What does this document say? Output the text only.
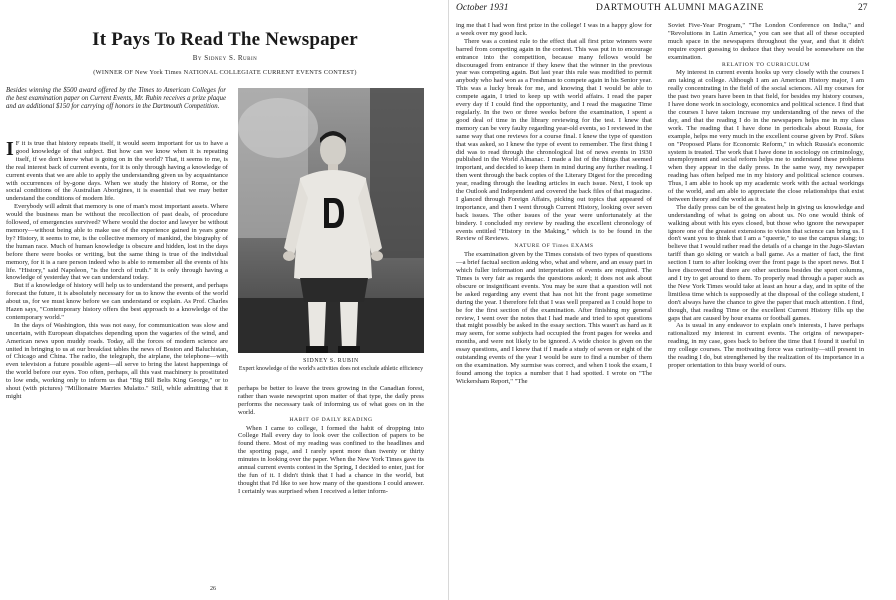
It Pays To Read The Newspaper
By Sidney S. Rubin
(WINNER OF New York Times NATIONAL COLLEGIATE CURRENT EVENTS CONTEST)
Besides winning the $500 award offered by the Times to American Colleges for the best examination paper on Current Events, Mr. Rubin receives a prize plaque and an additional $150 for carrying off honors in the Dartmouth Competition.
SIDNEY S. RUBIN
Expert knowledge of the world's activities does not exclude athletic efficiency

I F it is true that history repeats itself, it would seem important for us to have a good knowledge of that subject. But how can we know when it is repeating itself, if we don't know what is going on in the world? That, it seems to me, is the real interest back of current events, for it is only through having a knowledge of current events that we are able to apply the understanding given us by acquaintance with occurrences of by-gone days. When we study the history of Rome, or the social conditions of the Australian Aborigines, it is essential that we may better understand the conditions of modern life.

Everybody will admit that memory is one of man's most important assets. Where would the business man be without the recollection of past deals, of procedure followed, of emergencies survived? Where would the doctor and lawyer be without memory—without being able to make use of the experience gained in years gone by? History, it seems to me, is the collective memory of mankind, the biography of the human race. Much of human knowledge is obscure and hidden, lost in the days before there were books or writing, but the same thing is true of the individual memory, for it is a rare person indeed who is able to remember all the events of his life. "History," said Napoleon, "is the torch of truth." It is only through having a knowledge of yesterday that we can understand today.

But if a knowledge of history will help us to understand the present, and perhaps forecast the future, it is absolutely necessary for us to know the events of the world about us, for we must know before we can understand or explain. As Prof. Charles Hazen says, "Contemporary history offers the best approach to a knowledge of the contemporary world."

In the days of Washington, this was not easy, for communication was slow and uncertain, with European dispatches depending upon the vagaries of the wind, and American news upon muddy roads. Today, all the forces of modern science are united in bringing to us at our breakfast tables the news of Boston and Baluchistan, of Chicago and China. The radio, the telegraph, the airplane, the telephone—with even television a future possible agent—all serve to bring the latest happenings of the world before our eyes. Too often, perhaps, all this vast machinery is prostituted to low ends, working only to inform us that "Big Bill Belts King George," or to shout (with pictures) "Millionaire Marries Mulatto." Still, while admitting that it might

perhaps be better to leave the trees growing in the Canadian forest, rather than waste newsprint upon matter of that type, the daily press performs the necessary task of informing us of what goes on in the world.

HABIT OF DAILY READING

When I came to college, I formed the habit of dropping into College Hall every day to look over the collection of papers to be found there. Most of my reading was confined to the headlines and the sporting page, and I rarely spent more than twenty or thirty minutes in looking over the paper. When the New York Times gave its annual current events contest in the Spring, I decided to enter, just for the fun of it. I didn't think that I had a chance in the world, but thought that I'd like to see how many of the questions I could answer. I certainly was surprised when I received a letter inform-

26
October 1931	DARTMOUTH ALUMNI MAGAZINE	27

ing me that I had won first prize in the college! I was in a happy glow for a week over my good luck.

There was a contest rule to the effect that all first prize winners were barred from competing again in the contest. This was put in to encourage entrance into the competition, because many fellows would be discouraged from entrance if they knew that the winner in the previous year was competing again. But last year this rule was modified to permit anybody who had won as a Freshman to compete again in his Senior year. This was a lucky break for me, and knowing that I would be able to compete again, I tried to keep up with world affairs. I read the paper every day if I could find the opportunity, and I read the magazine Time regularly. In the two or three weeks before the examination, I spent a good deal of time in the library reviewing for the test. I knew that memory can be very faulty regarding year-old events, so I reviewed in the same way that one reviews for a course final. I knew the type of question that was asked, so I knew the type of event to remember. The first thing I did was to read through the chronological list of news events in 1930 published in the World Almanac. I made a list of the things that seemed important, and decided to keep them in mind during any further reading. I then went through the back copies of the Literary Digest for the preceding year, reading through the leading articles in each issue. Next, I took up the Outlook and Independent and covered the back files of that magazine. I glanced through Foreign Affairs, picking out topics that appeared of importance, and then I went through Current History, looking over seven back issues. The other issues of the year were unfortunately at the bindery. I concluded my review by reading the excellent chronology of events entitled "History in the Making," which is to be found in the Review of Reviews.

NATURE OF Times EXAMS

The examination given by the Times consists of two types of questions—a brief factual section asking who, what and where, and an essay part in which fuller information and interpretation of events are required. The Times is very fair as regards the questions asked; it does not ask about obscure or insignificant events. You may be sure that a question will not be asked regarding any event that has not hit the front page sometime during the year. I therefore felt that I was well prepared as I could hope to be for the first section of the examination. After finishing my general review, I went over the notes that I had made and tried to spot questions that might possibly be asked in the essay section. This wasn't as hard as it may seem, for some subjects had occupied the front pages for weeks and months, and were not likely to be ignored. A wide choice is given on the essay questions, and I knew that if I made a study of seven or eight of the outstanding events of the year I would be sure to find a number of them on the examination. My surmise was correct, and when I took the exam, I found among the topics a number that I had spotted. I wrote on "The Wickersham Report," "The

Soviet Five-Year Program," "The London Conference on India," and "Revolutions in Latin America," you can see that all of these occupied much space in the newspapers throughout the year, and that it didn't require expert guessing to deduce that they would be somewhere on the examination.

RELATION TO CURRICULUM

My interest in current events hooks up very closely with the courses I am taking at college. Although I am an American History major, I am really concentrating in the field of the social sciences. All my courses for the past two years have been in that field, for besides my history courses, I have done work in sociology, economics and political science. I find that the courses I have taken increase my understanding of the news of the day, and that the reading I do in the newspapers helps me in my class work. The reading that I have done in periodicals about Russia, for example, helps me very much in the excellent course given by Prof. Sikes on "Proposed Plans for Economic Reform," in which Russia's economic system is treated. The work that I have done in sociology on criminology, unemployment and social reform helps me to understand these problems when they appear in the daily press. In the same way, my newspaper reading has often helped me in my history and political science courses. Thus, I am able to hook up my academic work with the actual workings of the world, and am able to appreciate the close relationships that exist between theory and the world as it is.

The daily press can be of the greatest help in giving us knowledge and understanding of what is going on about us. No one would think of walking about with his eyes closed, but those who ignore the newspaper ignore one of the greatest extensions to vision that science can bring us. I don't want you to think that I am a "queerie," to use the campus slang; to believe that I would rather read the details of a change in the Jugo-Slavian tariff than go skiing or watch a ball game. As a matter of fact, the first section I turn to after looking over the front page is the sport news. But I have discovered that there are other sections besides the sport columns, and I try to get around to them. To properly read through a paper such as the New York Times would take at least an hour a day, and in spite of the limitless time which is supposedly at the disposal of the college student, I don't always have the chance to give the paper that much attention. I find, though, that reading Time or the excellent Current History fills up the gaps that are caused by hour exams or football games.

As is usual in any endeavor to explain one's interests, I have perhaps rationalized my interest in current events. The origins of newspaper-reading, in my case, goes back to before the time that I found it useful in my college courses. The motivating force was curiosity—still present in the reading I do, but strengthened by the realization of its importance in a proper orientation to this busy world of ours.
